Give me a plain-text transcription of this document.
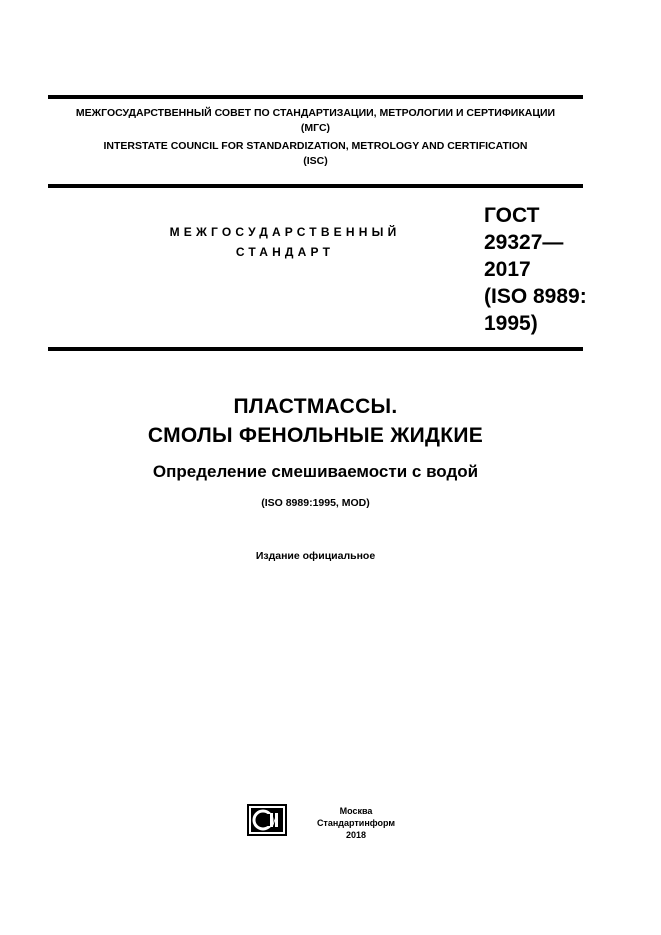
МЕЖГОСУДАРСТВЕННЫЙ СОВЕТ ПО СТАНДАРТИЗАЦИИ, МЕТРОЛОГИИ И СЕРТИФИКАЦИИ
(МГС)
INTERSTATE COUNCIL FOR STANDARDIZATION, METROLOGY AND CERTIFICATION
(ISC)
МЕЖГОСУДАРСТВЕННЫЙ
СТАНДАРТ
ГОСТ
29327—
2017
(ISO 8989:
1995)
ПЛАСТМАССЫ.
СМОЛЫ ФЕНОЛЬНЫЕ ЖИДКИЕ
Определение смешиваемости с водой
(ISO 8989:1995, MOD)
Издание официальное
Москва
Стандартинформ
2018
